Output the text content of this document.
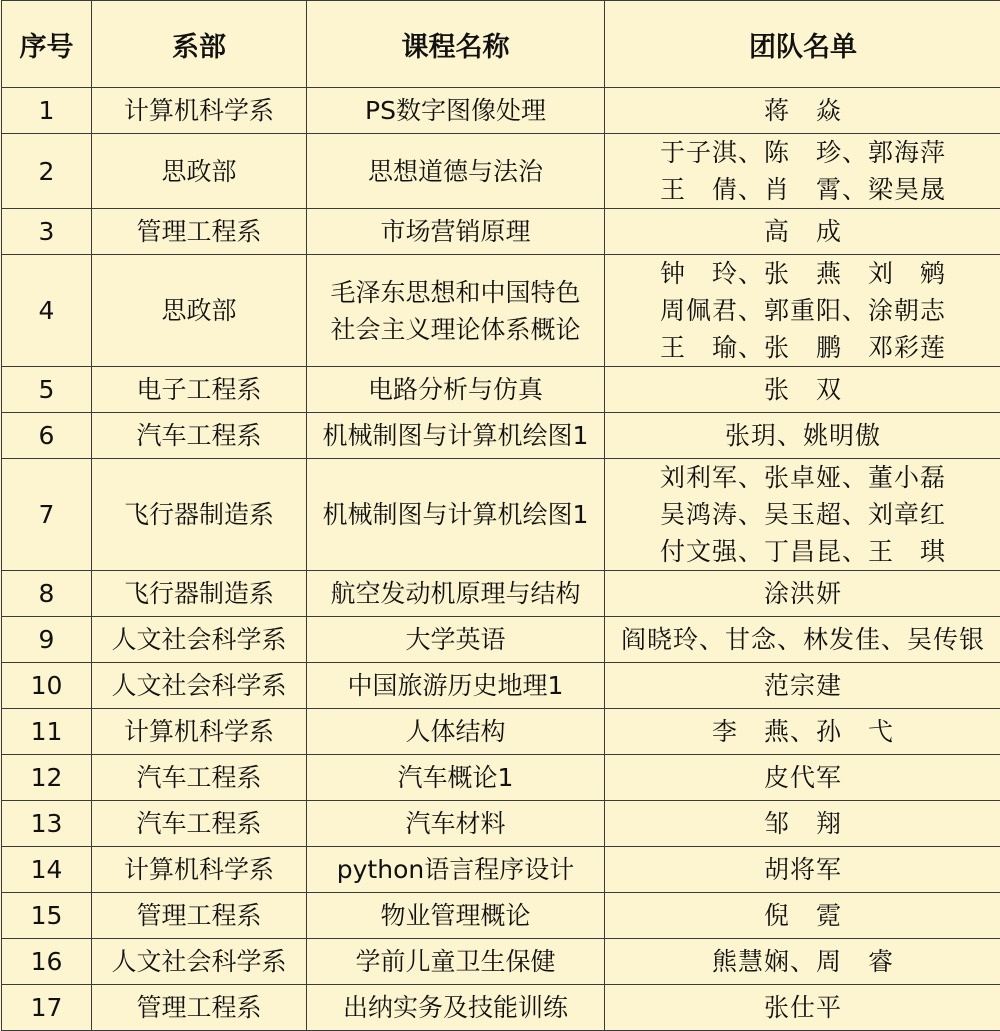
序号	系部	课程名称	团队名单
1	计算机科学系	PS数字图像处理	蒋　焱

2	思政部	思想道德与法治	于子淇、陈　珍、郭海萍
王　倩、肖　霄、梁昊晟

3	管理工程系	市场营销原理	高　成

4	思政部	毛泽东思想和中国特色
社会主义理论体系概论	钟　玲、张　燕　刘　鹓
周佩君、郭重阳、涂朝志
王　瑜、张　鹏　邓彩莲

5	电子工程系	电路分析与仿真	张　双

6	汽车工程系	机械制图与计算机绘图1	张玥、姚明傲

7	飞行器制造系	机械制图与计算机绘图1	刘利军、张卓娅、董小磊
吴鸿涛、吴玉超、刘章红
付文强、丁昌昆、王　琪

8	飞行器制造系	航空发动机原理与结构	涂洪妍

9	人文社会科学系	大学英语	阎晓玲、甘念、林发佳、吴传银

10	人文社会科学系	中国旅游历史地理1	范宗建

11	计算机科学系	人体结构	李　燕、孙　弋

12	汽车工程系	汽车概论1	皮代军

13	汽车工程系	汽车材料	邹　翔

14	计算机科学系	python语言程序设计	胡将军

15	管理工程系	物业管理概论	倪　霓

16	人文社会科学系	学前儿童卫生保健	熊慧娴、周　睿

17	管理工程系	出纳实务及技能训练	张仕平
